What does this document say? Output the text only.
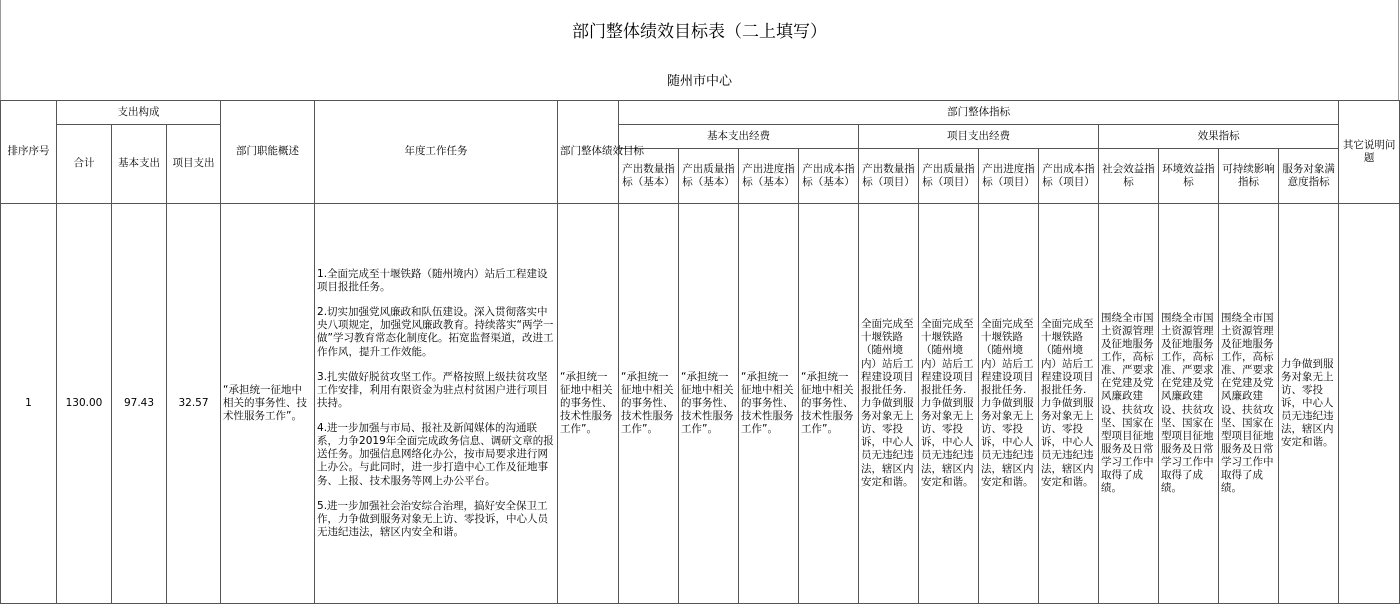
部门整体绩效目标表（二上填写）
随州市中心
排序序号	支出构成			部门职能概述	年度工作任务	部门整体绩效目标	部门整体指标												其它说明问题
	合计	基本支出	项目支出				基本支出经费				项目支出经费				效果指标				
							产出数量指标（基本）	产出质量指标（基本）	产出进度指标（基本）	产出成本指标（基本）	产出数量指标（项目）	产出质量指标（项目）	产出进度指标（项目）	产出成本指标（项目）	社会效益指标	环境效益指标	可持续影响指标	服务对象满意度指标	
1	130.00	97.43	32.57	“承担统一征地中相关的事务性、技术性服务工作”。	1.全面完成至十堰铁路（随州境内）站后工程建设项目报批任务。
2.切实加强党风廉政和队伍建设。深入贯彻落实中央八项规定，加强党风廉政教育。持续落实“两学一做”学习教育常态化制度化。拓宽监督渠道，改进工作作风，提升工作效能。
3.扎实做好脱贫攻坚工作。严格按照上级扶贫攻坚工作安排，利用有限资金为驻点村贫困户进行项目扶持。
4.进一步加强与市局、报社及新闻媒体的沟通联系，力争2019年全面完成政务信息、调研文章的报送任务。加强信息网络化办公，按市局要求进行网上办公。与此同时，进一步打造中心工作及征地事务、上报、技术服务等网上办公平台。
5.进一步加强社会治安综合治理，搞好安全保卫工作，力争做到服务对象无上访、零投诉，中心人员无违纪违法，辖区内安全和谐。	“承担统一征地中相关的事务性、技术性服务工作”。	“承担统一征地中相关的事务性、技术性服务工作”。	“承担统一征地中相关的事务性、技术性服务工作”。	“承担统一征地中相关的事务性、技术性服务工作”。	“承担统一征地中相关的事务性、技术性服务工作”。	全面完成至十堰铁路（随州境内）站后工程建设项目报批任务.力争做到服务对象无上访、零投诉，中心人员无违纪违法，辖区内安定和谐。	全面完成至十堰铁路（随州境内）站后工程建设项目报批任务.力争做到服务对象无上访、零投诉，中心人员无违纪违法，辖区内安定和谐。	全面完成至十堰铁路（随州境内）站后工程建设项目报批任务.力争做到服务对象无上访、零投诉，中心人员无违纪违法，辖区内安定和谐。	全面完成至十堰铁路（随州境内）站后工程建设项目报批任务.力争做到服务对象无上访、零投诉，中心人员无违纪违法，辖区内安定和谐。	围绕全市国土资源管理及征地服务工作，高标准、严要求在党建及党风廉政建设、扶贫攻坚、国家在型项目征地服务及日常学习工作中取得了成绩。	围绕全市国土资源管理及征地服务工作，高标准、严要求在党建及党风廉政建设、扶贫攻坚、国家在型项目征地服务及日常学习工作中取得了成绩。	围绕全市国土资源管理及征地服务工作，高标准、严要求在党建及党风廉政建设、扶贫攻坚、国家在型项目征地服务及日常学习工作中取得了成绩。	力争做到服务对象无上访、零投诉，中心人员无违纪违法，辖区内安定和谐。	
